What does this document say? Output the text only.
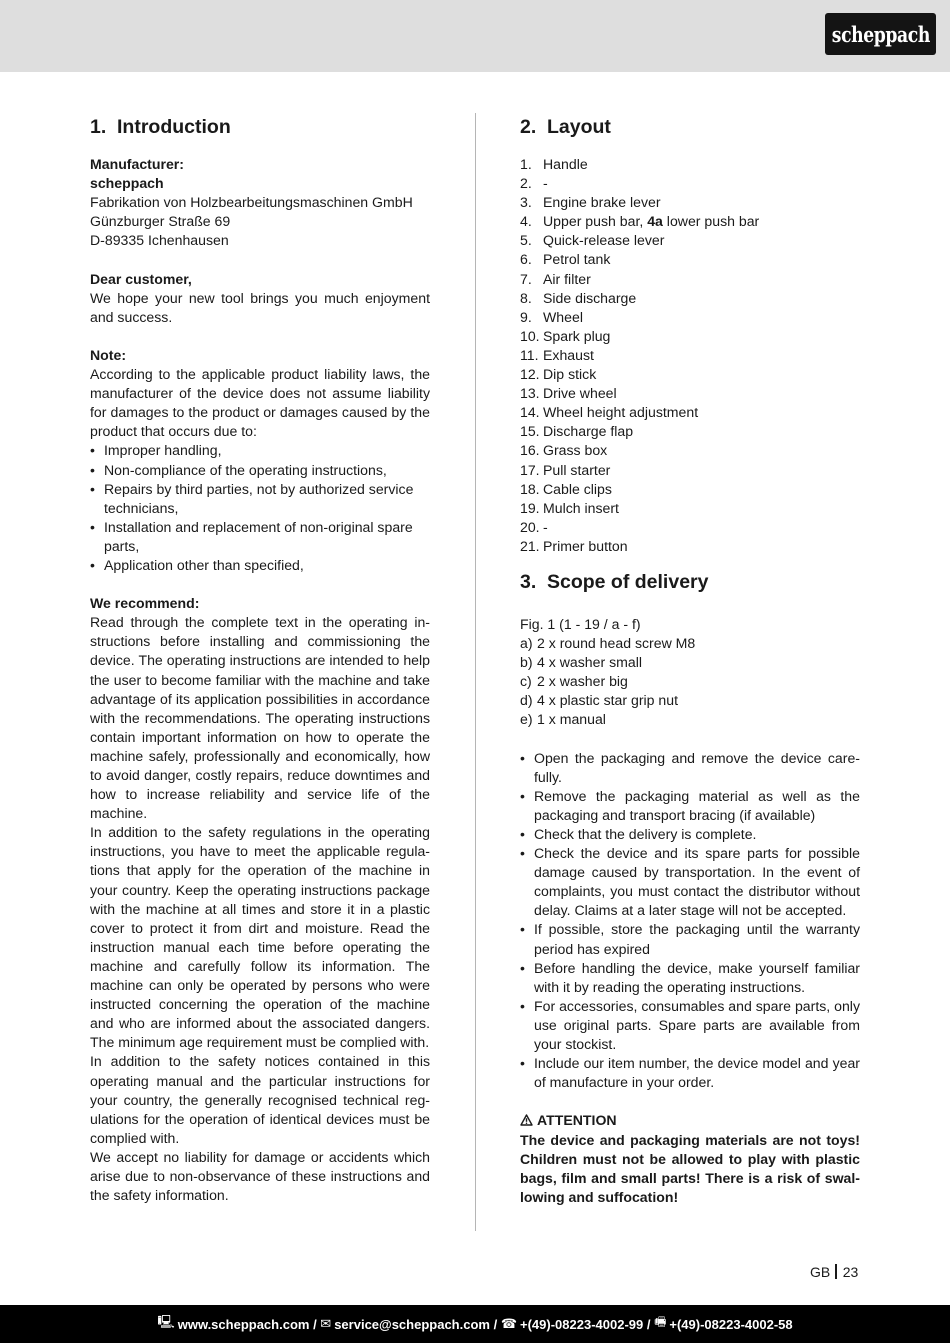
scheppach
1. Introduction

Manufacturer:

scheppach

Fabrikation von Holzbearbeitungsmaschinen GmbH

Günzburger Straße 69

D-89335 Ichenhausen

Dear customer,

We hope your new tool brings you much enjoyment and success.

Note:

According to the applicable product liability laws, the manufacturer of the device does not assume liability for damages to the product or damages caused by the product that occurs due to:

• Improper handling,
• Non-compliance of the operating instructions,
• Repairs by third parties, not by authorized service technicians,
• Installation and replacement of non-original spare parts,
• Application other than specified,

We recommend:

Read through the complete text in the operating instructions before installing and commissioning the device. The operating instructions are intended to help the user to become familiar with the machine and take advantage of its application possibilities in accordance with the recommendations. The operating instructions contain important information on how to operate the machine safely, professionally and economically, how to avoid danger, costly repairs, reduce downtimes and how to increase reliability and service life of the machine.

In addition to the safety regulations in the operating instructions, you have to meet the applicable regulations that apply for the operation of the machine in your country. Keep the operating instructions package with the machine at all times and store it in a plastic cover to protect it from dirt and moisture. Read the instruction manual each time before operating the machine and carefully follow its information. The machine can only be operated by persons who were instructed concerning the operation of the machine and who are informed about the associated dangers. The minimum age requirement must be complied with.

In addition to the safety notices contained in this operating manual and the particular instructions for your country, the generally recognised technical regulations for the operation of identical devices must be complied with.

We accept no liability for damage or accidents which arise due to non-observance of these instructions and the safety information.

2. Layout
1. Handle
2. -
3. Engine brake lever
4. Upper push bar, 4a lower push bar
5. Quick-release lever
6. Petrol tank
7. Air filter
8. Side discharge
9. Wheel
10. Spark plug
11. Exhaust
12. Dip stick
13. Drive wheel
14. Wheel height adjustment
15. Discharge flap
16. Grass box
17. Pull starter
18. Cable clips
19. Mulch insert
20. -
21. Primer button
3. Scope of delivery

Fig. 1 (1 - 19 / a - f)

a) 2 x round head screw M8

b) 4 x washer small

c) 2 x washer big

d) 4 x plastic star grip nut

e) 1 x manual

• Open the packaging and remove the device carefully.
• Remove the packaging material as well as the packaging and transport bracing (if available)
• Check that the delivery is complete.
• Check the device and its spare parts for possible damage caused by transportation. In the event of complaints, you must contact the distributor without delay. Claims at a later stage will not be accepted.
• If possible, store the packaging until the warranty period has expired
• Before handling the device, make yourself familiar with it by reading the operating instructions.
• For accessories, consumables and spare parts, only use original parts. Spare parts are available from your stockist.
• Include our item number, the device model and year of manufacture in your order.

ATTENTION

The device and packaging materials are not toys! Children must not be allowed to play with plastic bags, film and small parts! There is a risk of swallowing and suffocation!

GB 23
🖳 www.scheppach.com / ✉ service@scheppach.com / ☎ +(49)-08223-4002-99 / 🖷 +(49)-08223-4002-58
